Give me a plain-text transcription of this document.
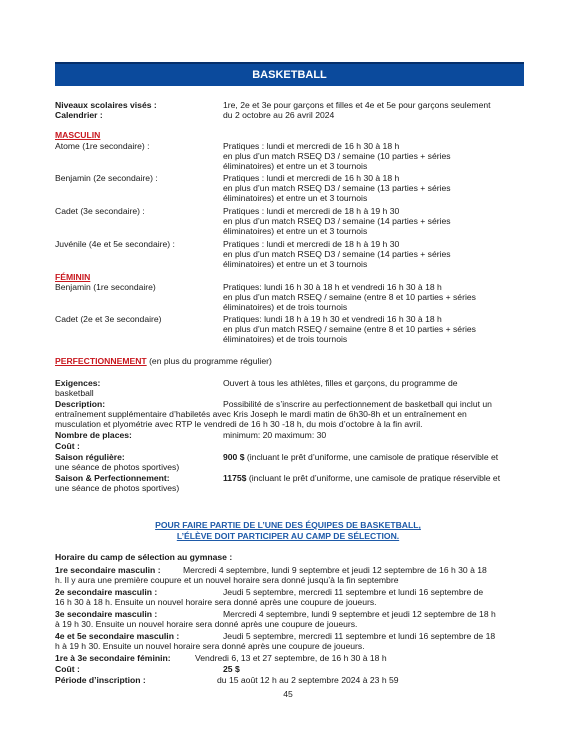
BASKETBALL
Niveaux scolaires visés :	1re, 2e et 3e pour garçons et filles et 4e et 5e pour garçons seulement
Calendrier :	du 2 octobre au 26 avril 2024
MASCULIN
Atome (1re secondaire) :	Pratiques : lundi et mercredi de 16 h 30 à 18 h
en plus d’un match RSEQ D3 / semaine (10 parties + séries
éliminatoires) et entre un et 3 tournois
Benjamin (2e secondaire) :	Pratiques : lundi et mercredi de 16 h 30 à 18 h
en plus d’un match RSEQ D3 / semaine (13 parties + séries
éliminatoires) et entre un et 3 tournois
Cadet (3e secondaire) :	Pratiques : lundi et mercredi de 18 h à 19 h 30
en plus d’un match RSEQ D3 / semaine (14 parties + séries
éliminatoires) et entre un et 3 tournois
Juvénile (4e et 5e secondaire) :	Pratiques : lundi et mercredi de 18 h à 19 h 30
en plus d’un match RSEQ D3 / semaine (14 parties + séries
éliminatoires) et entre un et 3 tournois
FÉMININ
Benjamin (1re secondaire)	Pratiques: lundi 16 h 30 à 18 h et vendredi 16 h 30 à 18 h
en plus d’un match RSEQ / semaine (entre 8 et 10 parties + séries
éliminatoires) et de trois tournois
Cadet (2e et 3e secondaire)	Pratiques: lundi 18 h à 19 h 30 et vendredi 16 h 30 à 18 h
en plus d’un match RSEQ / semaine (entre 8 et 10 parties + séries
éliminatoires) et de trois tournois
PERFECTIONNEMENT (en plus du programme régulier)
Exigences:	Ouvert à tous les athlètes, filles et garçons, du programme de
basketball
Description:	Possibilité de s’inscrire au perfectionnement de basketball qui inclut un
entraînement supplémentaire d’habiletés avec Kris Joseph le mardi matin de 6h30-8h et un entraînement en
musculation et plyométrie avec RTP le vendredi de 16 h 30 -18 h, du mois d’octobre à la fin avril.
Nombre de places:	minimum: 20 maximum: 30
Coût :
Saison régulière:	900 $ (incluant le prêt d’uniforme, une camisole de pratique réservible et
une séance de photos sportives)
Saison & Perfectionnement:	1175$ (incluant le prêt d’uniforme, une camisole de pratique réservible et
une séance de photos sportives)
POUR FAIRE PARTIE DE L’UNE DES ÉQUIPES DE BASKETBALL,
L’ÉLÈVE DOIT PARTICIPER AU CAMP DE SÉLECTION.
Horaire du camp de sélection au gymnase :
1re secondaire masculin :	Mercredi 4 septembre, lundi 9 septembre et jeudi 12 septembre de 16 h 30 à 18
h. Il y aura une première coupure et un nouvel horaire sera donné jusqu’à la fin septembre
2e secondaire masculin :	Jeudi 5 septembre, mercredi 11 septembre et lundi 16 septembre de
16 h 30 à 18 h. Ensuite un nouvel horaire sera donné après une coupure de joueurs.
3e secondaire masculin :	Mercredi 4 septembre, lundi 9 septembre et jeudi 12 septembre de 18 h
à 19 h 30. Ensuite un nouvel horaire sera donné après une coupure de joueurs.
4e et 5e secondaire masculin :	Jeudi 5 septembre, mercredi 11 septembre et lundi 16 septembre de 18
h à 19 h 30. Ensuite un nouvel horaire sera donné après une coupure de joueurs.
1re à 3e secondaire féminin:	Vendredi 6, 13 et 27 septembre, de 16 h 30 à 18 h
Coût :	25 $
Période d’inscription :	du 15 août 12 h au 2 septembre 2024 à 23 h 59
45
